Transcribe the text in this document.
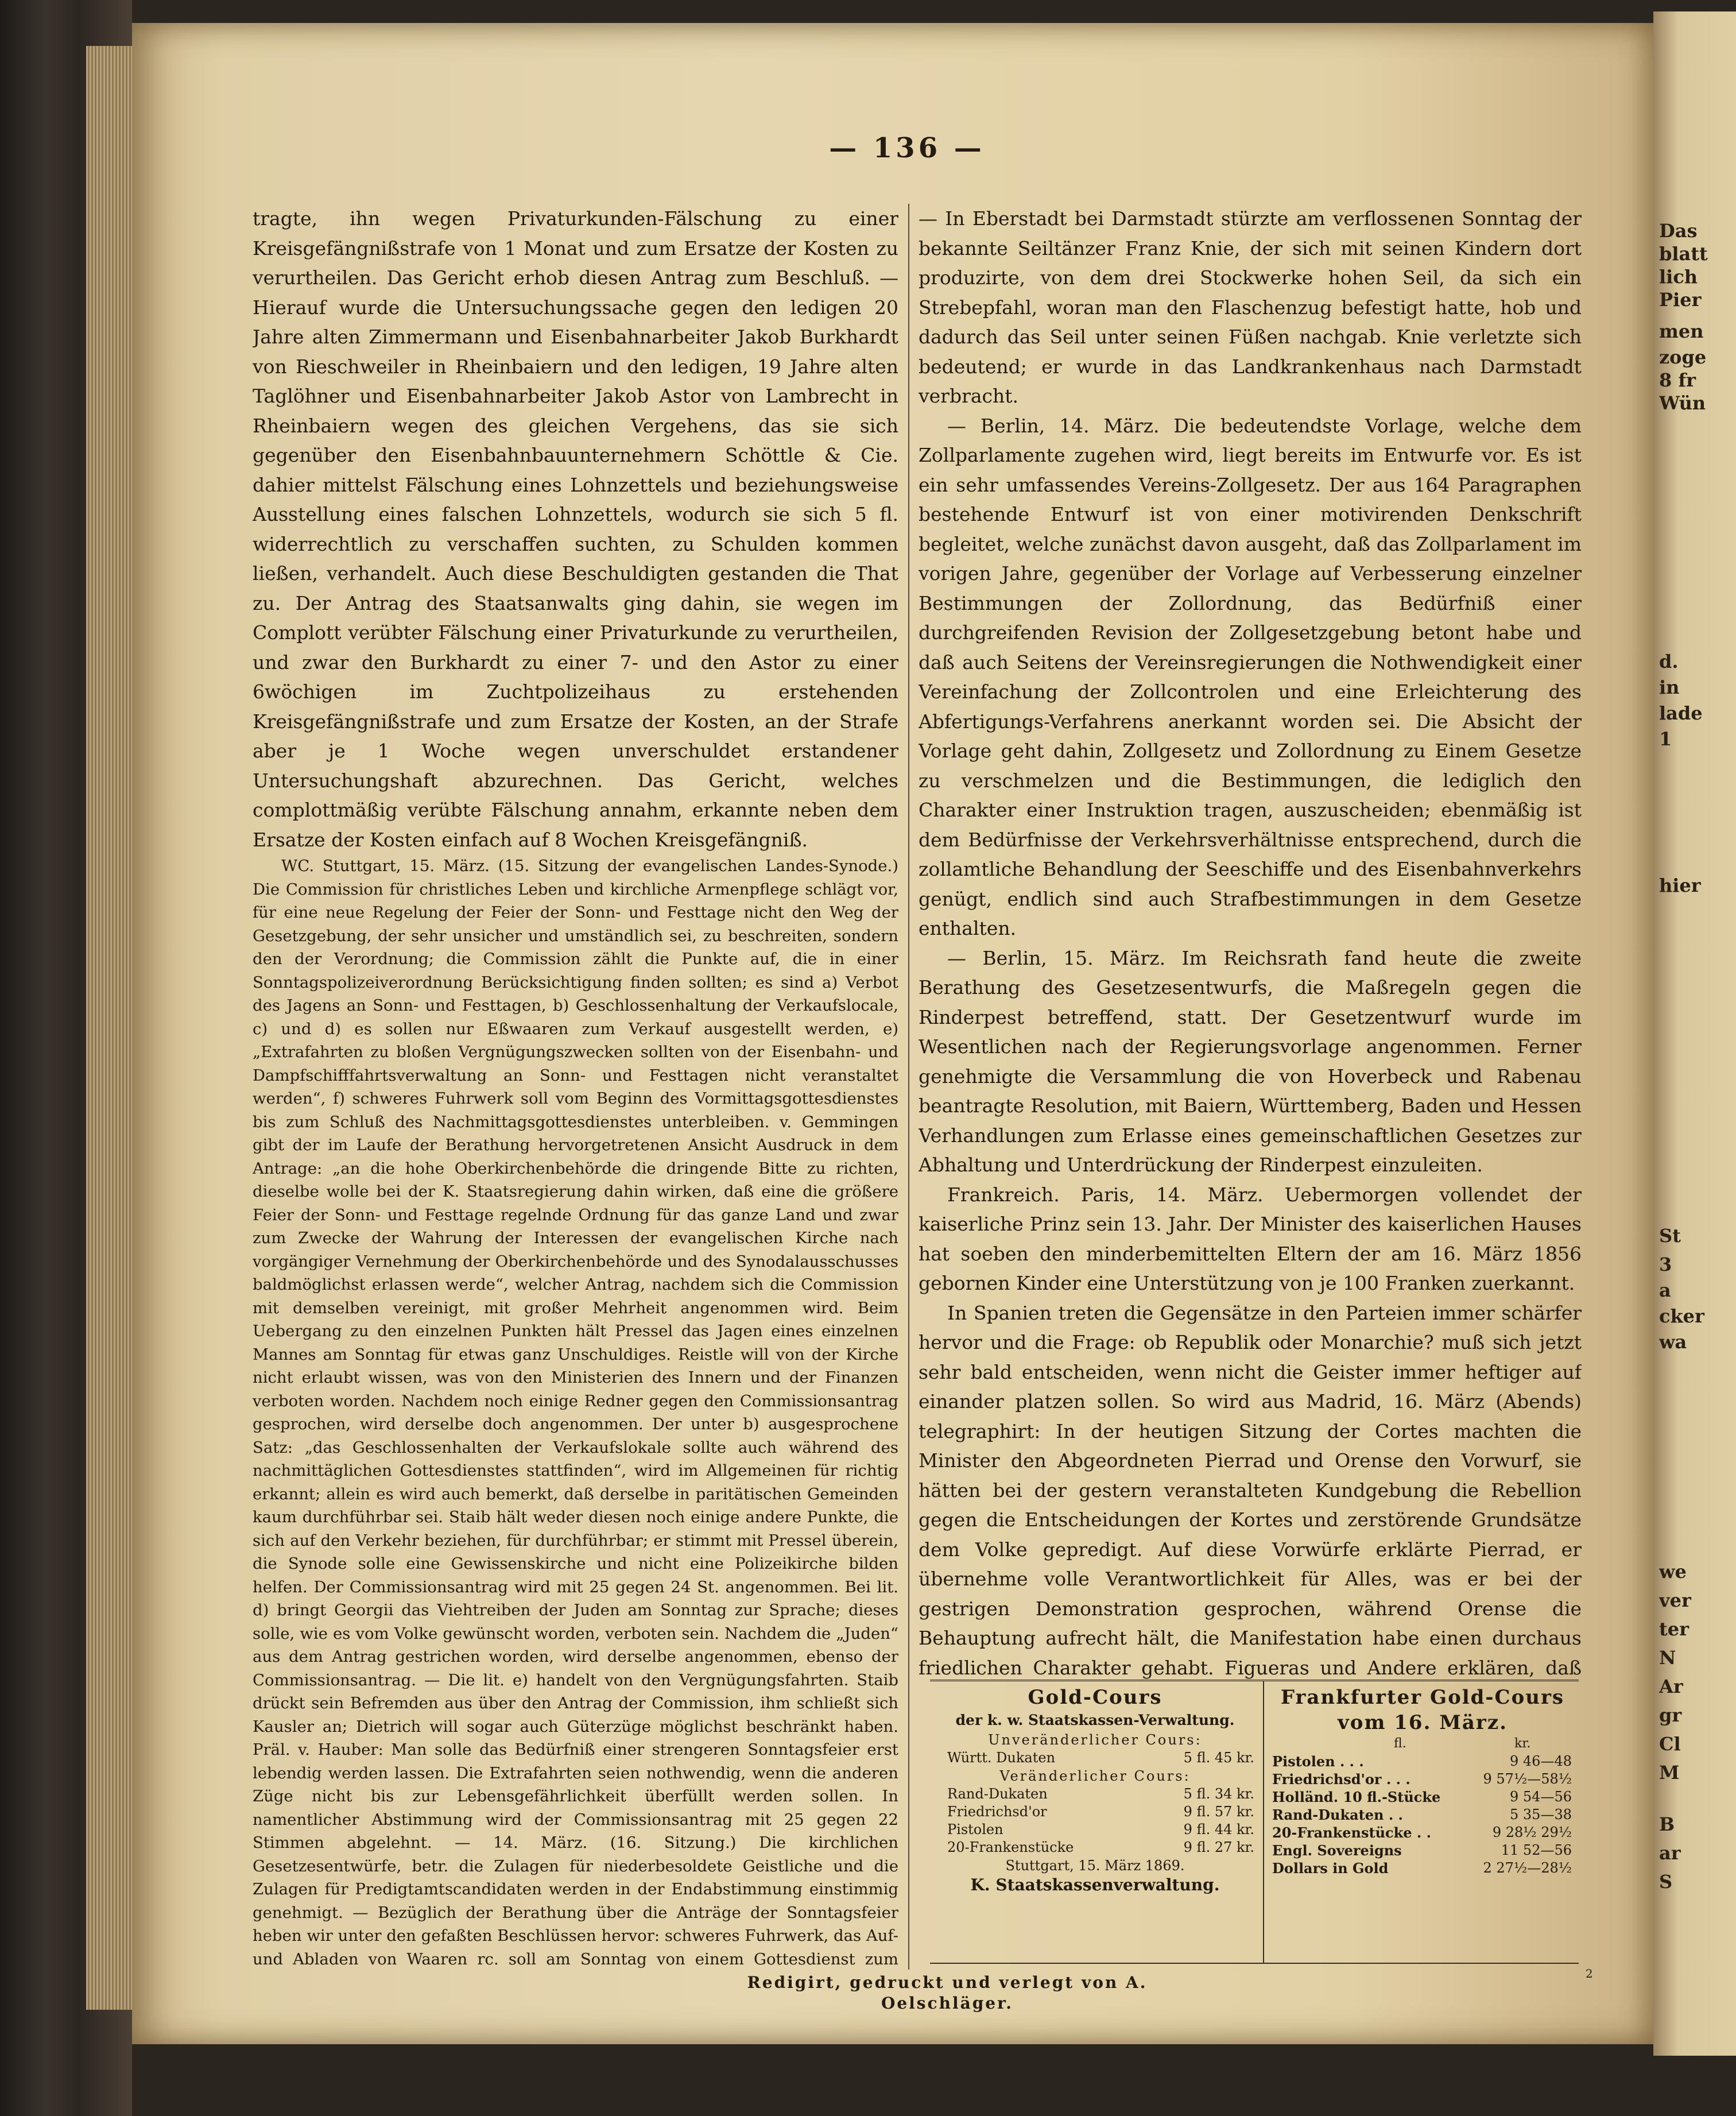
Das
blatt
lich
Pier
men
zoge
8 fr
Wün
d.
in
lade
1
hier
St
3
a
cker
wa
we
ver
ter
N
Ar
gr
Cl
M
B
ar
S
— 136 —

tragte, ihn wegen Privaturkunden-Fälschung zu einer Kreisgefängnißstrafe von 1 Monat und zum Ersatze der Kosten zu verurtheilen. Das Gericht erhob diesen Antrag zum Beschluß. — Hierauf wurde die Untersuchungssache gegen den ledigen 20 Jahre alten Zimmermann und Eisenbahnarbeiter Jakob Burkhardt von Rieschweiler in Rheinbaiern und den ledigen, 19 Jahre alten Taglöhner und Eisenbahnarbeiter Jakob Astor von Lambrecht in Rheinbaiern wegen des gleichen Vergehens, das sie sich gegenüber den Eisenbahnbauunternehmern Schöttle & Cie. dahier mittelst Fälschung eines Lohnzettels und beziehungsweise Ausstellung eines falschen Lohnzettels, wodurch sie sich 5 fl. widerrechtlich zu verschaffen suchten, zu Schulden kommen ließen, verhandelt. Auch diese Beschuldigten gestanden die That zu. Der Antrag des Staatsanwalts ging dahin, sie wegen im Complott verübter Fälschung einer Privaturkunde zu verurtheilen, und zwar den Burkhardt zu einer 7- und den Astor zu einer 6wöchigen im Zuchtpolizeihaus zu erstehenden Kreisgefängnißstrafe und zum Ersatze der Kosten, an der Strafe aber je 1 Woche wegen unverschuldet erstandener Untersuchungshaft abzurechnen. Das Gericht, welches complottmäßig verübte Fälschung annahm, erkannte neben dem Ersatze der Kosten einfach auf 8 Wochen Kreisgefängniß.

WC. Stuttgart, 15. März. (15. Sitzung der evangelischen Landes-Synode.) Die Commission für christliches Leben und kirchliche Armenpflege schlägt vor, für eine neue Regelung der Feier der Sonn- und Festtage nicht den Weg der Gesetzgebung, der sehr unsicher und umständlich sei, zu beschreiten, sondern den der Verordnung; die Commission zählt die Punkte auf, die in einer Sonntagspolizeiverordnung Berücksichtigung finden sollten; es sind a) Verbot des Jagens an Sonn- und Festtagen, b) Geschlossenhaltung der Verkaufslocale, c) und d) es sollen nur Eßwaaren zum Verkauf ausgestellt werden, e) „Extrafahrten zu bloßen Vergnügungszwecken sollten von der Eisenbahn- und Dampfschifffahrtsverwaltung an Sonn- und Festtagen nicht veranstaltet werden“, f) schweres Fuhrwerk soll vom Beginn des Vormittagsgottesdienstes bis zum Schluß des Nachmittagsgottesdienstes unterbleiben. v. Gemmingen gibt der im Laufe der Berathung hervorgetretenen Ansicht Ausdruck in dem Antrage: „an die hohe Oberkirchenbehörde die dringende Bitte zu richten, dieselbe wolle bei der K. Staatsregierung dahin wirken, daß eine die größere Feier der Sonn- und Festtage regelnde Ordnung für das ganze Land und zwar zum Zwecke der Wahrung der Interessen der evangelischen Kirche nach vorgängiger Vernehmung der Oberkirchenbehörde und des Synodalausschusses baldmöglichst erlassen werde“, welcher Antrag, nachdem sich die Commission mit demselben vereinigt, mit großer Mehrheit angenommen wird. Beim Uebergang zu den einzelnen Punkten hält Pressel das Jagen eines einzelnen Mannes am Sonntag für etwas ganz Unschuldiges. Reistle will von der Kirche nicht erlaubt wissen, was von den Ministerien des Innern und der Finanzen verboten worden. Nachdem noch einige Redner gegen den Commissionsantrag gesprochen, wird derselbe doch angenommen. Der unter b) ausgesprochene Satz: „das Geschlossenhalten der Verkaufslokale sollte auch während des nachmittäglichen Gottesdienstes stattfinden“, wird im Allgemeinen für richtig erkannt; allein es wird auch bemerkt, daß derselbe in paritätischen Gemeinden kaum durchführbar sei. Staib hält weder diesen noch einige andere Punkte, die sich auf den Verkehr beziehen, für durchführbar; er stimmt mit Pressel überein, die Synode solle eine Gewissenskirche und nicht eine Polizeikirche bilden helfen. Der Commissionsantrag wird mit 25 gegen 24 St. angenommen. Bei lit. d) bringt Georgii das Viehtreiben der Juden am Sonntag zur Sprache; dieses solle, wie es vom Volke gewünscht worden, verboten sein. Nachdem die „Juden“ aus dem Antrag gestrichen worden, wird derselbe angenommen, ebenso der Commissionsantrag. — Die lit. e) handelt von den Vergnügungsfahrten. Staib drückt sein Befremden aus über den Antrag der Commission, ihm schließt sich Kausler an; Dietrich will sogar auch Güterzüge möglichst beschränkt haben. Präl. v. Hauber: Man solle das Bedürfniß einer strengeren Sonntagsfeier erst lebendig werden lassen. Die Extrafahrten seien nothwendig, wenn die anderen Züge nicht bis zur Lebensgefährlichkeit überfüllt werden sollen. In namentlicher Abstimmung wird der Commissionsantrag mit 25 gegen 22 Stimmen abgelehnt. — 14. März. (16. Sitzung.) Die kirchlichen Gesetzesentwürfe, betr. die Zulagen für niederbesoldete Geistliche und die Zulagen für Predigtamtscandidaten werden in der Endabstimmung einstimmig genehmigt. — Bezüglich der Berathung über die Anträge der Sonntagsfeier heben wir unter den gefaßten Beschlüssen hervor: schweres Fuhrwerk, das Auf- und Abladen von Waaren rc. soll am Sonntag von einem Gottesdienst zum

— In Eberstadt bei Darmstadt stürzte am verflossenen Sonntag der bekannte Seiltänzer Franz Knie, der sich mit seinen Kindern dort produzirte, von dem drei Stockwerke hohen Seil, da sich ein Strebepfahl, woran man den Flaschenzug befestigt hatte, hob und dadurch das Seil unter seinen Füßen nachgab. Knie verletzte sich bedeutend; er wurde in das Landkrankenhaus nach Darmstadt verbracht.

— Berlin, 14. März. Die bedeutendste Vorlage, welche dem Zollparlamente zugehen wird, liegt bereits im Entwurfe vor. Es ist ein sehr umfassendes Vereins-Zollgesetz. Der aus 164 Paragraphen bestehende Entwurf ist von einer motivirenden Denkschrift begleitet, welche zunächst davon ausgeht, daß das Zollparlament im vorigen Jahre, gegenüber der Vorlage auf Verbesserung einzelner Bestimmungen der Zollordnung, das Bedürfniß einer durchgreifenden Revision der Zollgesetzgebung betont habe und daß auch Seitens der Vereinsregierungen die Nothwendigkeit einer Vereinfachung der Zollcontrolen und eine Erleichterung des Abfertigungs-Verfahrens anerkannt worden sei. Die Absicht der Vorlage geht dahin, Zollgesetz und Zollordnung zu Einem Gesetze zu verschmelzen und die Bestimmungen, die lediglich den Charakter einer Instruktion tragen, auszuscheiden; ebenmäßig ist dem Bedürfnisse der Verkehrsverhältnisse entsprechend, durch die zollamtliche Behandlung der Seeschiffe und des Eisenbahnverkehrs genügt, endlich sind auch Strafbestimmungen in dem Gesetze enthalten.

— Berlin, 15. März. Im Reichsrath fand heute die zweite Berathung des Gesetzesentwurfs, die Maßregeln gegen die Rinderpest betreffend, statt. Der Gesetzentwurf wurde im Wesentlichen nach der Regierungsvorlage angenommen. Ferner genehmigte die Versammlung die von Hoverbeck und Rabenau beantragte Resolution, mit Baiern, Württemberg, Baden und Hessen Verhandlungen zum Erlasse eines gemeinschaftlichen Gesetzes zur Abhaltung und Unterdrückung der Rinderpest einzuleiten.

Frankreich. Paris, 14. März. Uebermorgen vollendet der kaiserliche Prinz sein 13. Jahr. Der Minister des kaiserlichen Hauses hat soeben den minderbemittelten Eltern der am 16. März 1856 gebornen Kinder eine Unterstützung von je 100 Franken zuerkannt.

In Spanien treten die Gegensätze in den Parteien immer schärfer hervor und die Frage: ob Republik oder Monarchie? muß sich jetzt sehr bald entscheiden, wenn nicht die Geister immer heftiger auf einander platzen sollen. So wird aus Madrid, 16. März (Abends) telegraphirt: In der heutigen Sitzung der Cortes machten die Minister den Abgeordneten Pierrad und Orense den Vorwurf, sie hätten bei der gestern veranstalteten Kundgebung die Rebellion gegen die Entscheidungen der Kortes und zerstörende Grundsätze dem Volke gepredigt. Auf diese Vorwürfe erklärte Pierrad, er übernehme volle Verantwortlichkeit für Alles, was er bei der gestrigen Demonstration gesprochen, während Orense die Behauptung aufrecht hält, die Manifestation habe einen durchaus friedlichen Charakter gehabt. Figueras und Andere erklären, daß

Gold-Cours
der k. w. Staatskassen-Verwaltung.
Unveränderlicher Cours:
Württ. Dukaten	5 fl. 45 kr.
Veränderlicher Cours:
Rand-Dukaten	5 fl. 34 kr.
Friedrichsd'or	9 fl. 57 kr.
Pistolen	9 fl. 44 kr.
20-Frankenstücke	9 fl. 27 kr.
Stuttgart, 15. März 1869.
K. Staatskassenverwaltung.
Frankfurter Gold-Cours
vom 16. März.
fl.	kr.
Pistolen . . .	9 46—48
Friedrichsd'or . . .	9 57½—58½
Holländ. 10 fl.-Stücke	9 54—56
Rand-Dukaten . .	5 35—38
20-Frankenstücke . .	9 28½ 29½
Engl. Sovereigns	11 52—56
Dollars in Gold	2 27½—28½
Redigirt, gedruckt und verlegt von A. Oelschläger.
2
